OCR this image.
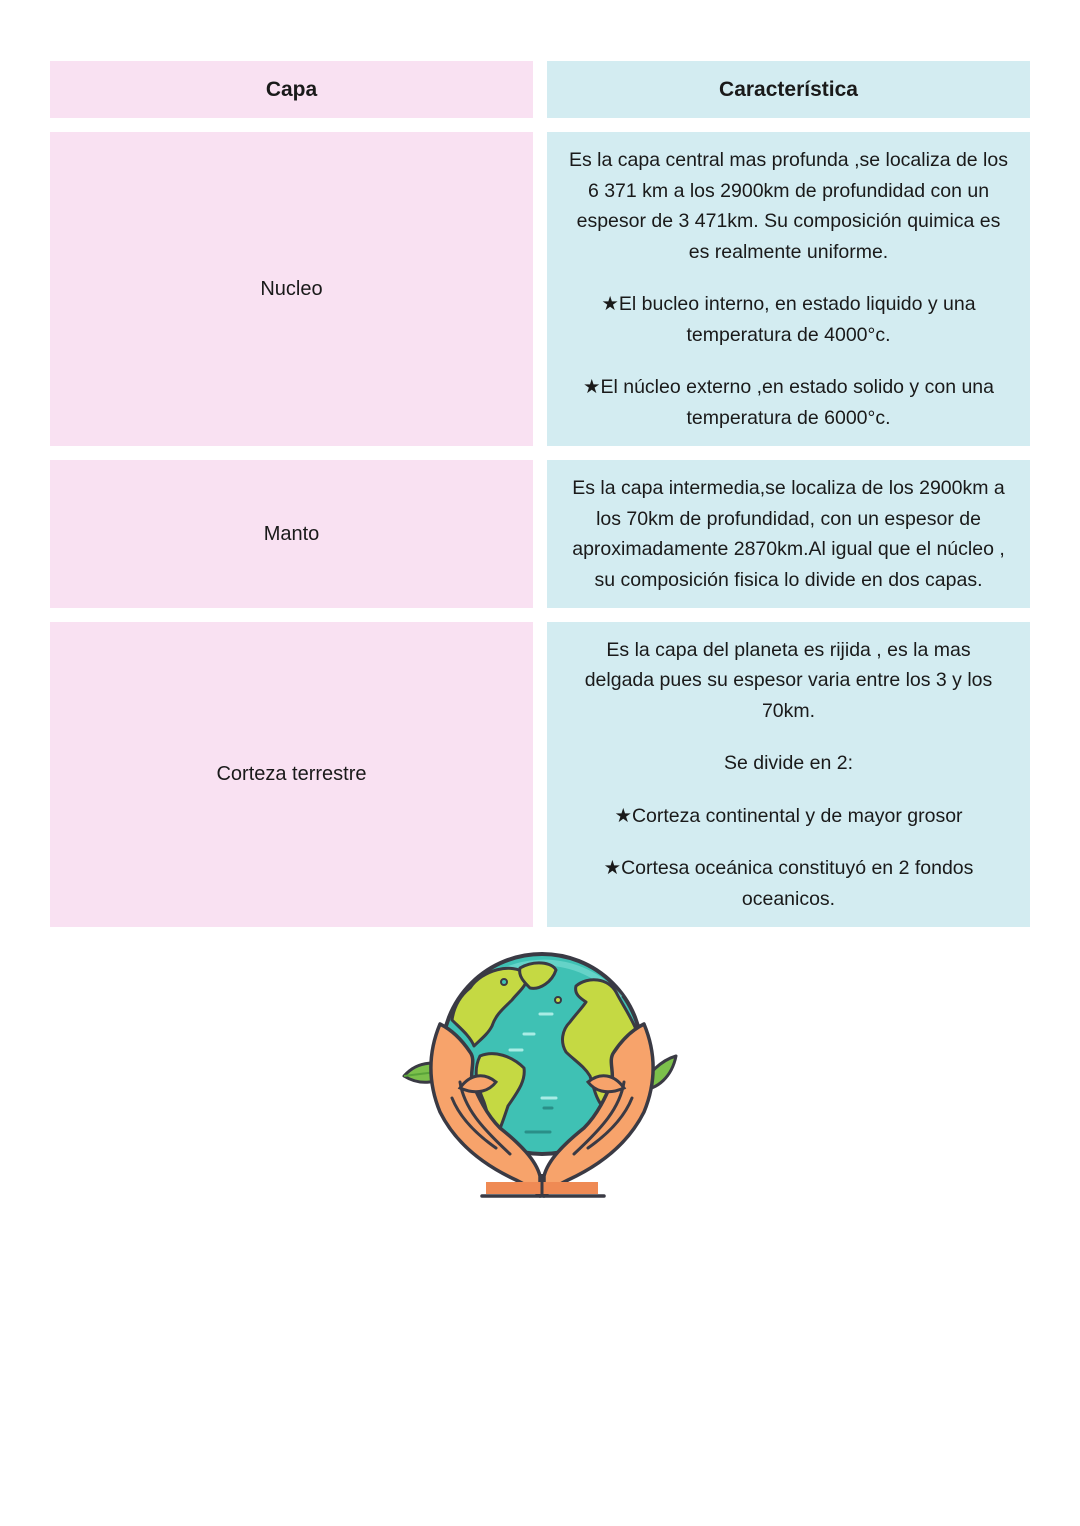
Capa	Característica
Nucleo

Es la capa central mas profunda ,se localiza de los 6 371 km a los 2900km de profundidad con un espesor de 3 471km. Su composición quimica es es realmente uniforme.

★El bucleo interno, en estado liquido y una temperatura de 4000°c.

★El núcleo externo ,en estado solido y con una temperatura de 6000°c.

Manto

Es la capa intermedia,se localiza de los 2900km a los 70km de profundidad, con un espesor de aproximadamente 2870km.Al igual que el núcleo , su composición fisica lo divide en dos capas.

Corteza terrestre

Es la capa del planeta es rijida , es la mas delgada pues su espesor varia entre los 3 y los 70km.

Se divide en 2:

★Corteza continental y de mayor grosor

★Cortesa oceánica constituyó en 2 fondos oceanicos.
